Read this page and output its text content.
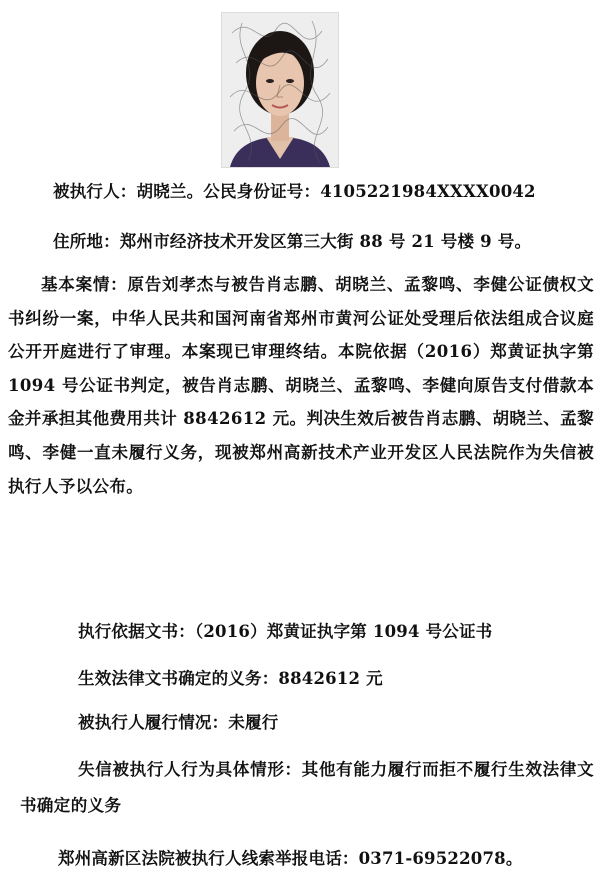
被执行人：胡晓兰。公民身份证号：4105221984XXXX0042
住所地：郑州市经济技术开发区第三大街 88 号 21 号楼 9 号。
基本案情：原告刘孝杰与被告肖志鹏、胡晓兰、孟黎鸣、李健公证债权文书纠纷一案，中华人民共和国河南省郑州市黄河公证处受理后依法组成合议庭公开开庭进行了审理。本案现已审理终结。本院依据（2016）郑黄证执字第 1094 号公证书判定，被告肖志鹏、胡晓兰、孟黎鸣、李健向原告支付借款本金并承担其他费用共计 8842612 元。判决生效后被告肖志鹏、胡晓兰、孟黎鸣、李健一直未履行义务，现被郑州高新技术产业开发区人民法院作为失信被执行人予以公布。
执行依据文书：（2016）郑黄证执字第 1094 号公证书
生效法律文书确定的义务：8842612 元
被执行人履行情况：未履行
失信被执行人行为具体情形：其他有能力履行而拒不履行生效法律文书确定的义务
郑州高新区法院被执行人线索举报电话：0371-69522078。
